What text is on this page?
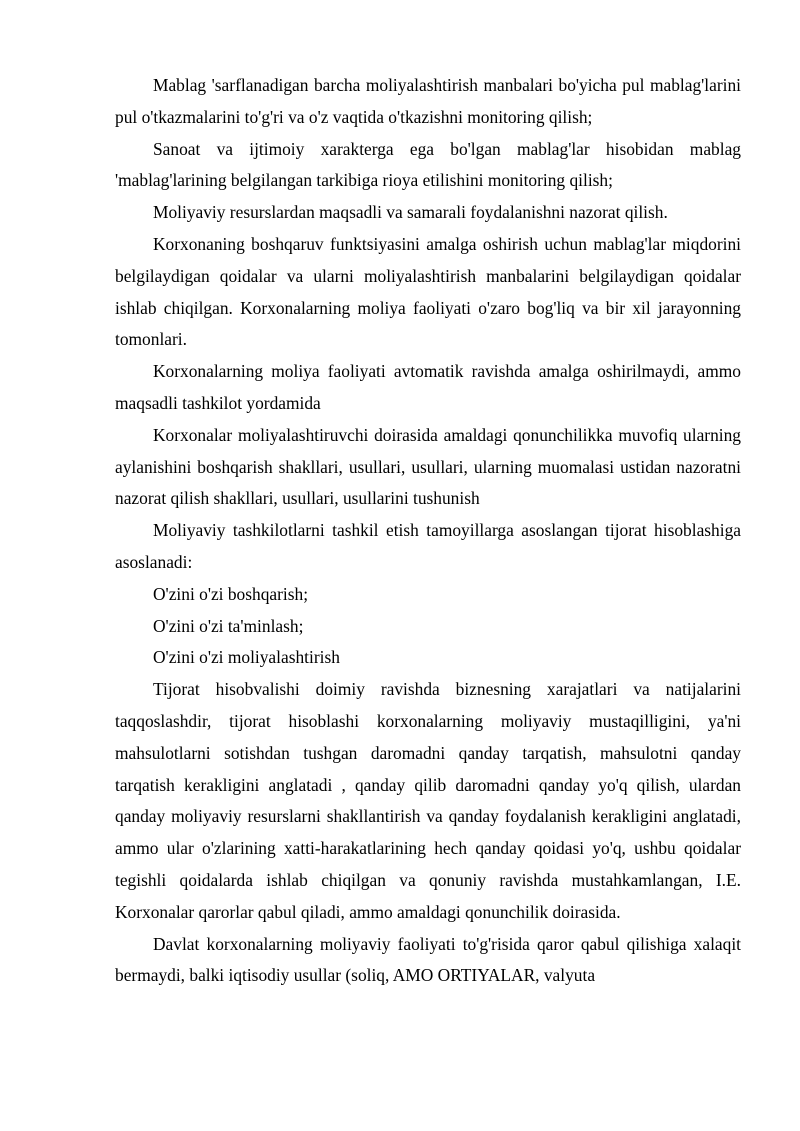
Mablag 'sarflanadigan barcha moliyalashtirish manbalari bo'yicha pul mablag'larini pul o'tkazmalarini to'g'ri va o'z vaqtida o'tkazishni monitoring qilish;

Sanoat va ijtimoiy xarakterga ega bo'lgan mablag'lar hisobidan mablag 'mablag'larining belgilangan tarkibiga rioya etilishini monitoring qilish;

Moliyaviy resurslardan maqsadli va samarali foydalanishni nazorat qilish.

Korxonaning boshqaruv funktsiyasini amalga oshirish uchun mablag'lar miqdorini belgilaydigan qoidalar va ularni moliyalashtirish manbalarini belgilaydigan qoidalar ishlab chiqilgan. Korxonalarning moliya faoliyati o'zaro bog'liq va bir xil jarayonning tomonlari.

Korxonalarning moliya faoliyati avtomatik ravishda amalga oshirilmaydi, ammo maqsadli tashkilot yordamida

Korxonalar moliyalashtiruvchi doirasida amaldagi qonunchilikka muvofiq ularning aylanishini boshqarish shakllari, usullari, usullari, ularning muomalasi ustidan nazoratni nazorat qilish shakllari, usullari, usullarini tushunish

Moliyaviy tashkilotlarni tashkil etish tamoyillarga asoslangan tijorat hisoblashiga asoslanadi:

O'zini o'zi boshqarish;

O'zini o'zi ta'minlash;

O'zini o'zi moliyalashtirish

Tijorat hisobvalishi doimiy ravishda biznesning xarajatlari va natijalarini taqqoslashdir, tijorat hisoblashi korxonalarning moliyaviy mustaqilligini, ya'ni mahsulotlarni sotishdan tushgan daromadni qanday tarqatish, mahsulotni qanday tarqatish kerakligini anglatadi , qanday qilib daromadni qanday yo'q qilish, ulardan qanday moliyaviy resurslarni shakllantirish va qanday foydalanish kerakligini anglatadi, ammo ular o'zlarining xatti-harakatlarining hech qanday qoidasi yo'q, ushbu qoidalar tegishli qoidalarda ishlab chiqilgan va qonuniy ravishda mustahkamlangan, I.E. Korxonalar qarorlar qabul qiladi, ammo amaldagi qonunchilik doirasida.

Davlat korxonalarning moliyaviy faoliyati to'g'risida qaror qabul qilishiga xalaqit bermaydi, balki iqtisodiy usullar (soliq, AMO ORTIYALAR, valyuta
